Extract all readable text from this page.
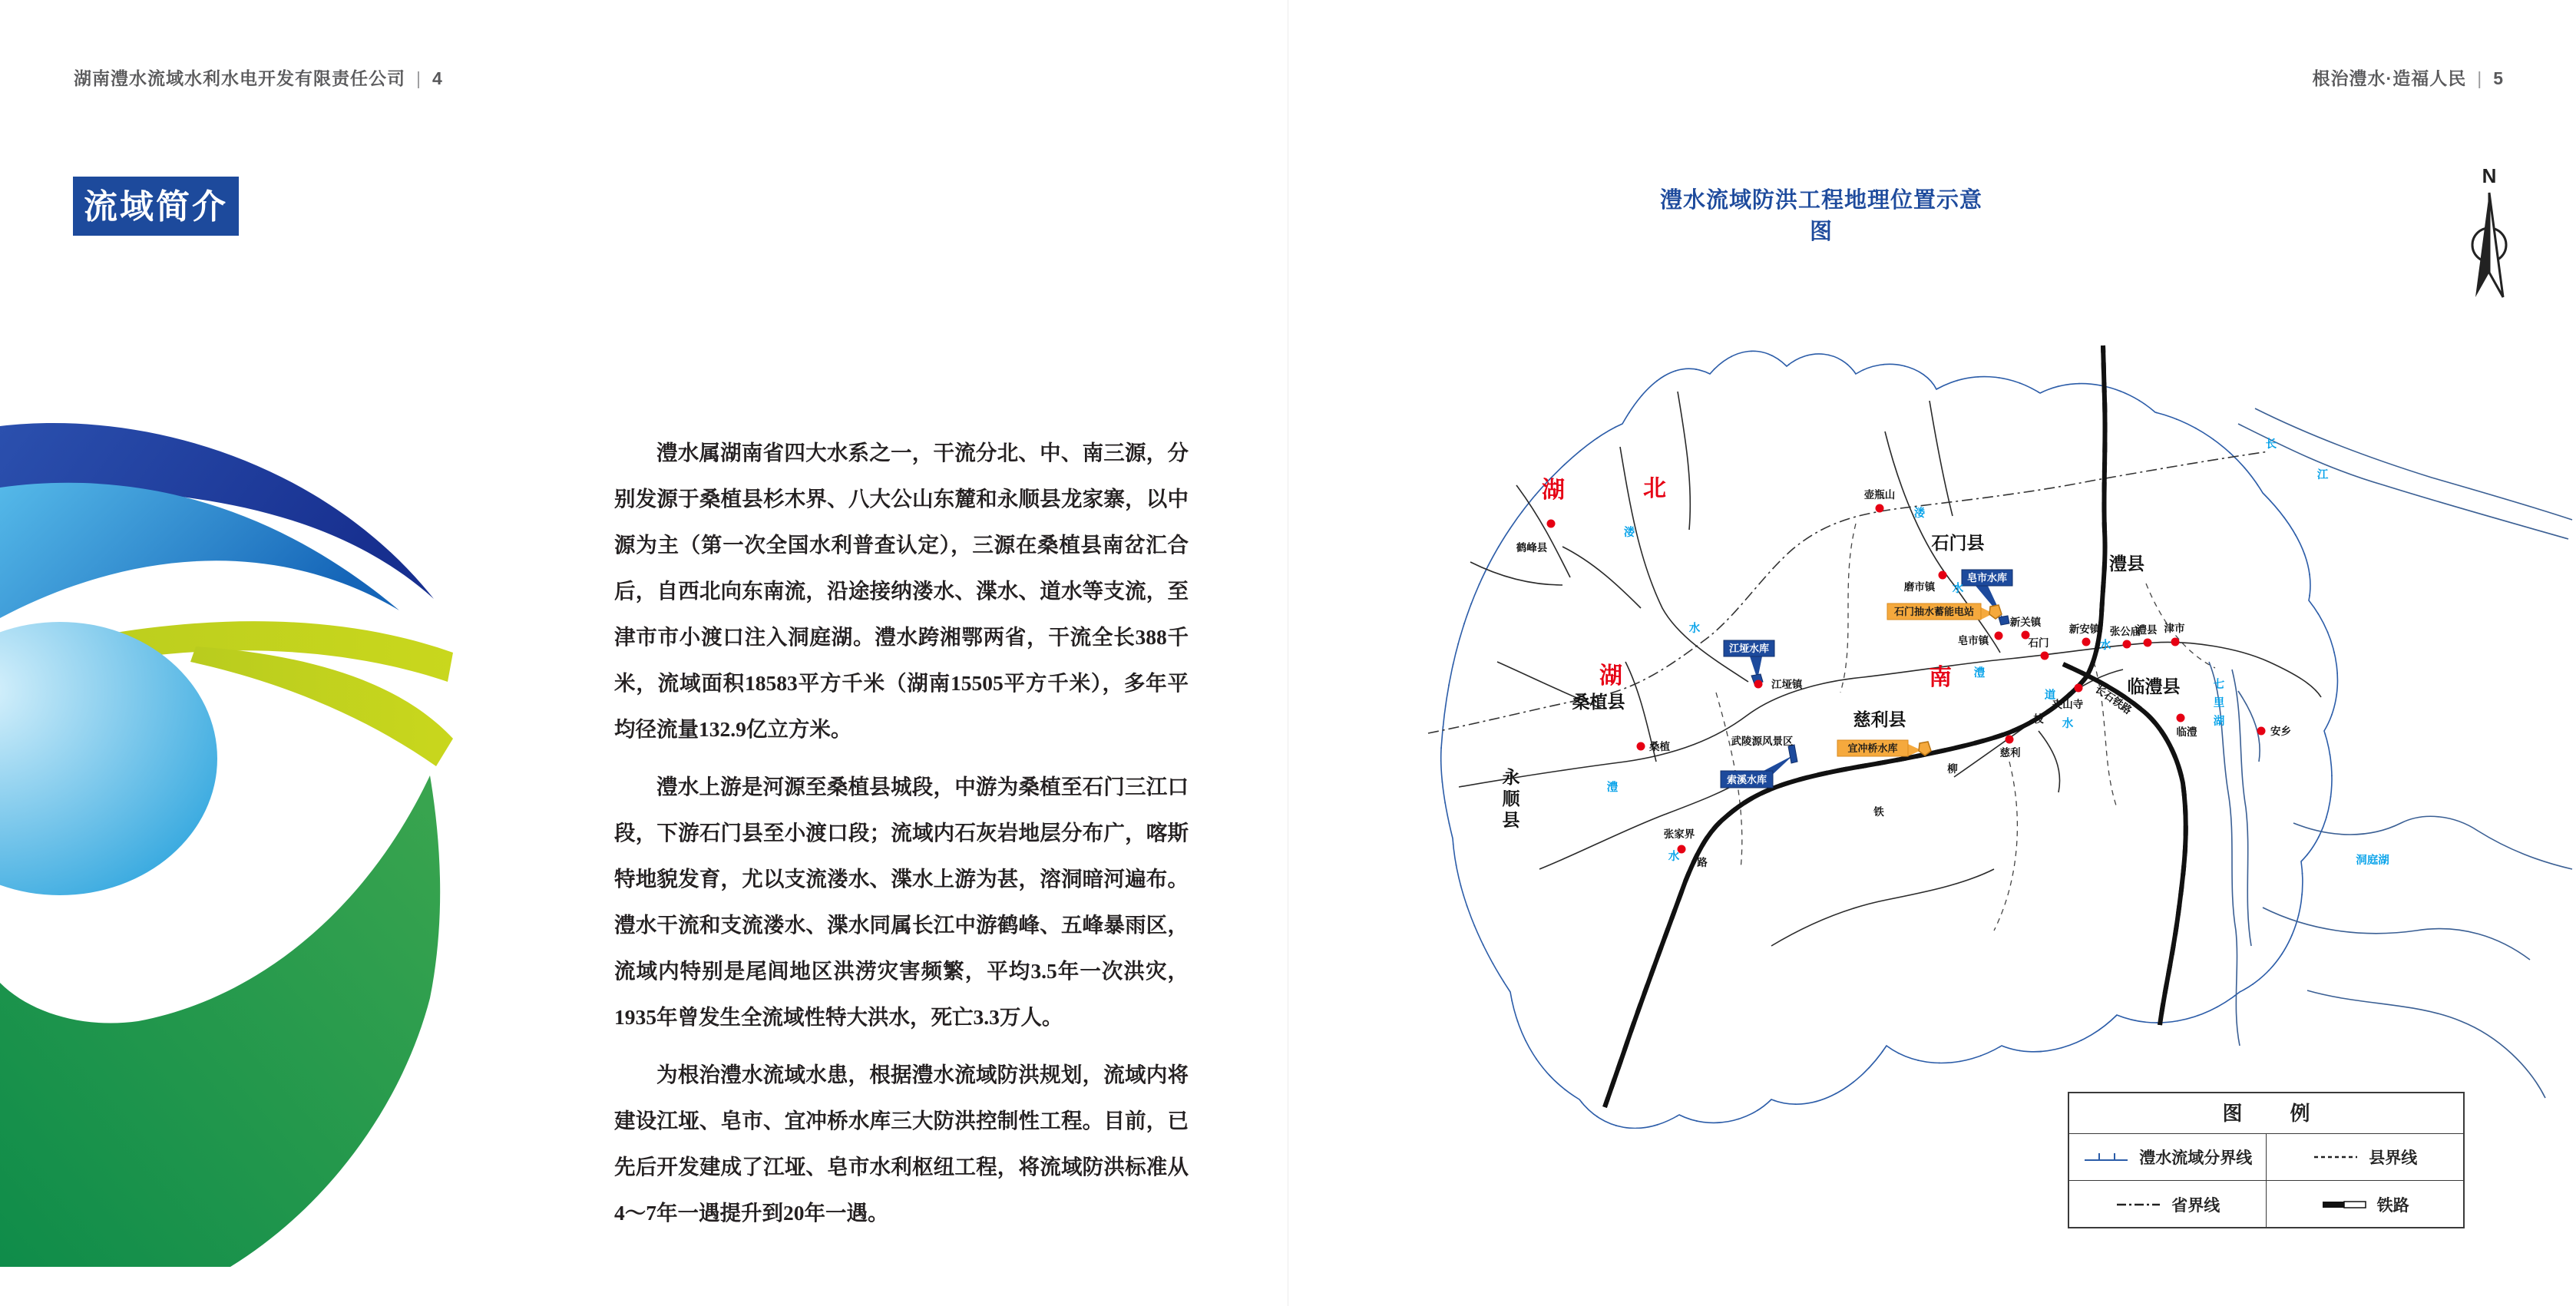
湖南澧水流域水利水电开发有限责任公司 | 4	根治澧水·造福人民 | 5
流域简介

澧水属湖南省四大水系之一，干流分北、中、南三源，分别发源于桑植县杉木界、八大公山东麓和永顺县龙家寨，以中源为主（第一次全国水利普查认定），三源在桑植县南岔汇合后，自西北向东南流，沿途接纳溇水、渫水、道水等支流，至津市市小渡口注入洞庭湖。澧水跨湘鄂两省，干流全长388千米，流域面积18583平方千米（湖南15505平方千米），多年平均径流量132.9亿立方米。

澧水上游是河源至桑植县城段，中游为桑植至石门三江口段，下游石门县至小渡口段；流域内石灰岩地层分布广，喀斯特地貌发育，尤以支流溇水、渫水上游为甚，溶洞暗河遍布。澧水干流和支流溇水、渫水同属长江中游鹤峰、五峰暴雨区，流域内特别是尾闾地区洪涝灾害频繁，平均3.5年一次洪灾，1935年曾发生全流域性特大洪水，死亡3.3万人。

为根治澧水流域水患，根据澧水流域防洪规划，流域内将建设江垭、皂市、宜冲桥水库三大防洪控制性工程。目前，已先后开发建成了江垭、皂市水利枢纽工程，将流域防洪标准从4～7年一遇提升到20年一遇。

澧水流域防洪工程地理位置示意图
N
江垭水库
皂市水库
索溪水库
石门抽水蓄能电站
宜冲桥水库
湖	北
湖	南
石门县
澧县
临澧县
慈利县
桑植县
永
顺
县
鹤峰县
壶瓶山
磨市镇
皂市镇
新关镇
石门
新安镇 张公庙
澧县 津市
江垭镇
夹山寺
临澧
慈利
张家界
桑植
安乡
武陵源风景区
溇
水
溇
水
澧
水
澧
水
道
水
长
江
七
里
湖
洞庭湖
枝
柳
铁
路
长石铁路
图　例
澧水流域分界线	县界线
省界线	铁路
